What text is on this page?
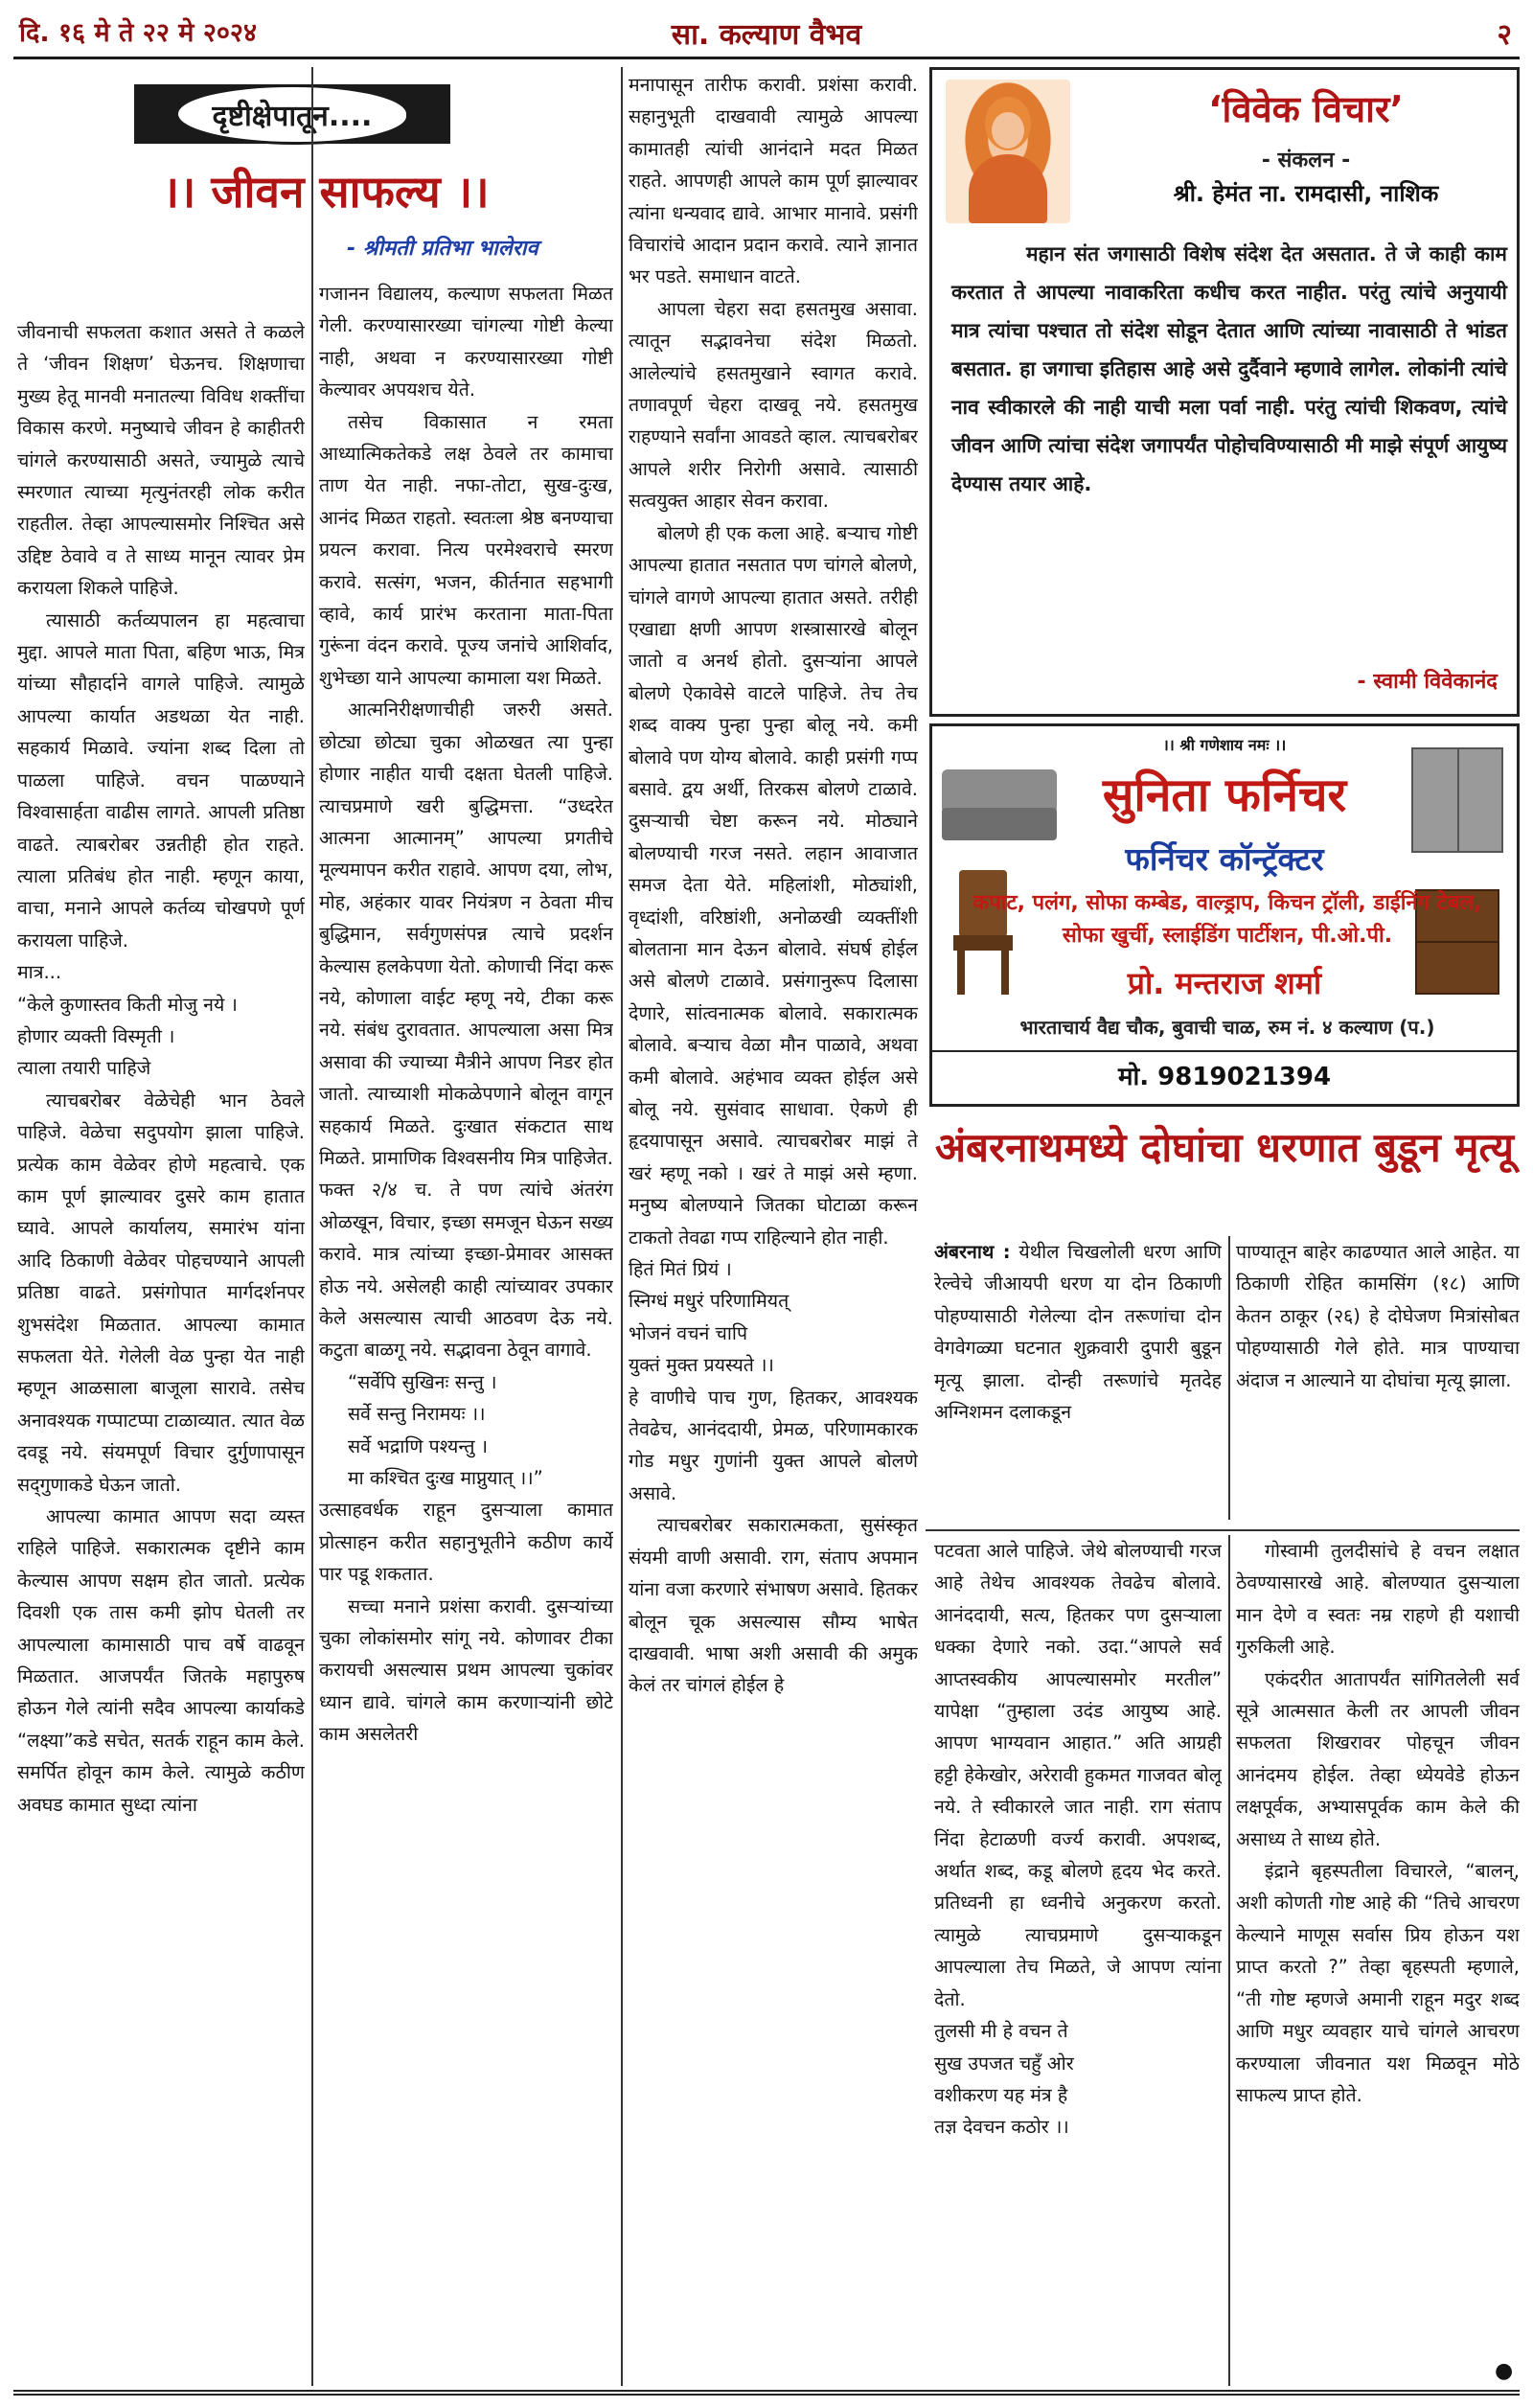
दि. १६ मे ते २२ मे २०२४	सा. कल्याण वैभव	२
दृष्टीक्षेपातून....
।। जीवन साफल्य ।।
- श्रीमती प्रतिभा भालेराव

जीवनाची सफलता कशात असते ते कळले ते ‘जीवन शिक्षण’ घेऊनच. शिक्षणाचा मुख्य हेतू मानवी मनातल्या विविध शक्तींचा विकास करणे. मनुष्याचे जीवन हे काहीतरी चांगले करण्यासाठी असते, ज्यामुळे त्याचे स्मरणात त्याच्या मृत्युनंतरही लोक करीत राहतील. तेव्हा आपल्यासमोर निश्चित असे उद्दिष्ट ठेवावे व ते साध्य मानून त्यावर प्रेम करायला शिकले पाहिजे.

त्यासाठी कर्तव्यपालन हा महत्वाचा मुद्दा. आपले माता पिता, बहिण भाऊ, मित्र यांच्या सौहार्दाने वागले पाहिजे. त्यामुळे आपल्या कार्यात अडथळा येत नाही. सहकार्य मिळावे. ज्यांना शब्द दिला तो पाळला पाहिजे. वचन पाळण्याने विश्वासार्हता वाढीस लागते. आपली प्रतिष्ठा वाढते. त्याबरोबर उन्नतीही होत राहते. त्याला प्रतिबंध होत नाही. म्हणून काया, वाचा, मनाने आपले कर्तव्य चोखपणे पूर्ण करायला पाहिजे.

मात्र...

“केले कुणास्तव किती मोजु नये ।

होणार व्यक्ती विस्मृती ।

त्याला तयारी पाहिजे

त्याचबरोबर वेळेचेही भान ठेवले पाहिजे. वेळेचा सदुपयोग झाला पाहिजे. प्रत्येक काम वेळेवर होणे महत्वाचे. एक काम पूर्ण झाल्यावर दुसरे काम हातात घ्यावे. आपले कार्यालय, समारंभ यांना आदि ठिकाणी वेळेवर पोहचण्याने आपली प्रतिष्ठा वाढते. प्रसंगोपात मार्गदर्शनपर शुभसंदेश मिळतात. आपल्या कामात सफलता येते. गेलेली वेळ पुन्हा येत नाही म्हणून आळसाला बाजूला सारावे. तसेच अनावश्यक गप्पाटप्पा टाळाव्यात. त्यात वेळ दवडू नये. संयमपूर्ण विचार दुर्गुणापासून सद्‍गुणाकडे घेऊन जातो.

आपल्या कामात आपण सदा व्यस्त राहिले पाहिजे. सकारात्मक दृष्टीने काम केल्यास आपण सक्षम होत जातो. प्रत्येक दिवशी एक तास कमी झोप घेतली तर आपल्याला कामासाठी पाच वर्षे वाढवून मिळतात. आजपर्यंत जितके महापुरुष होऊन गेले त्यांनी सदैव आपल्या कार्याकडे “लक्ष्या”कडे सचेत, सतर्क राहून काम केले. समर्पित होवून काम केले. त्यामुळे कठीण अवघड कामात सुध्दा त्यांना

गजानन विद्यालय, कल्याण सफलता मिळत गेली. करण्यासारख्या चांगल्या गोष्टी केल्या नाही, अथवा न करण्यासारख्या गोष्टी केल्यावर अपयशच येते.

तसेच विकासात न रमता आध्यात्मिकतेकडे लक्ष ठेवले तर कामाचा ताण येत नाही. नफा-तोटा, सुख-दुःख, आनंद मिळत राहतो. स्वतःला श्रेष्ठ बनण्याचा प्रयत्न करावा. नित्य परमेश्वराचे स्मरण करावे. सत्संग, भजन, कीर्तनात सहभागी व्हावे, कार्य प्रारंभ करताना माता-पिता गुरूंना वंदन करावे. पूज्य जनांचे आशिर्वाद, शुभेच्छा याने आपल्या कामाला यश मिळते.

आत्मनिरीक्षणाचीही जरुरी असते. छोट्या छोट्या चुका ओळखत त्या पुन्हा होणार नाहीत याची दक्षता घेतली पाहिजे. त्याचप्रमाणे खरी बुद्धिमत्ता. “उध्दरेत आत्मना आत्मानम्” आपल्या प्रगतीचे मूल्यमापन करीत राहावे. आपण दया, लोभ, मोह, अहंकार यावर नियंत्रण न ठेवता मीच बुद्धिमान, सर्वगुणसंपन्न त्याचे प्रदर्शन केल्यास हलकेपणा येतो. कोणाची निंदा करू नये, कोणाला वाईट म्हणू नये, टीका करू नये. संबंध दुरावतात. आपल्याला असा मित्र असावा की ज्याच्या मैत्रीने आपण निडर होत जातो. त्याच्याशी मोकळेपणाने बोलून वागून सहकार्य मिळते. दुःखात संकटात साथ मिळते. प्रामाणिक विश्वसनीय मित्र पाहिजेत. फक्त २/४ च. ते पण त्यांचे अंतरंग ओळखून, विचार, इच्छा समजून घेऊन सख्य करावे. मात्र त्यांच्या इच्छा-प्रेमावर आसक्त होऊ नये. असेलही काही त्यांच्यावर उपकार केले असल्यास त्याची आठवण देऊ नये. कटुता बाळगू नये. सद्भावना ठेवून वागावे.

“सर्वेपि सुखिनः सन्तु ।

सर्वे सन्तु निरामयः ।।

सर्वे भद्राणि पश्यन्तु ।

मा कश्चित दुःख माप्नुयात् ।।”

उत्साहवर्धक राहून दुसऱ्याला कामात प्रोत्साहन करीत सहानुभूतीने कठीण कार्ये पार पडू शकतात.

सच्चा मनाने प्रशंसा करावी. दुसऱ्यांच्या चुका लोकांसमोर सांगू नये. कोणावर टीका करायची असल्यास प्रथम आपल्या चुकांवर ध्यान द्यावे. चांगले काम करणाऱ्यांनी छोटे काम असलेतरी

मनापासून तारीफ करावी. प्रशंसा करावी. सहानुभूती दाखवावी त्यामुळे आपल्या कामातही त्यांची आनंदाने मदत मिळत राहते. आपणही आपले काम पूर्ण झाल्यावर त्यांना धन्यवाद द्यावे. आभार मानावे. प्रसंगी विचारांचे आदान प्रदान करावे. त्याने ज्ञानात भर पडते. समाधान वाटते.

आपला चेहरा सदा हसतमुख असावा. त्यातून सद्भावनेचा संदेश मिळतो. आलेल्यांचे हसतमुखाने स्वागत करावे. तणावपूर्ण चेहरा दाखवू नये. हसतमुख राहण्याने सर्वांना आवडते व्हाल. त्याचबरोबर आपले शरीर निरोगी असावे. त्यासाठी सत्वयुक्त आहार सेवन करावा.

बोलणे ही एक कला आहे. बऱ्याच गोष्टी आपल्या हातात नसतात पण चांगले बोलणे, चांगले वागणे आपल्या हातात असते. तरीही एखाद्या क्षणी आपण शस्त्रासारखे बोलून जातो व अनर्थ होतो. दुसऱ्यांना आपले बोलणे ऐकावेसे वाटले पाहिजे. तेच तेच शब्द वाक्य पुन्हा पुन्हा बोलू नये. कमी बोलावे पण योग्य बोलावे. काही प्रसंगी गप्प बसावे. द्वय अर्थी, तिरकस बोलणे टाळावे. दुसऱ्याची चेष्टा करून नये. मोठ्याने बोलण्याची गरज नसते. लहान आवाजात समज देता येते. महिलांशी, मोठ्यांशी, वृध्दांशी, वरिष्ठांशी, अनोळखी व्यक्तींशी बोलताना मान देऊन बोलावे. संघर्ष होईल असे बोलणे टाळावे. प्रसंगानुरूप दिलासा देणारे, सांत्वनात्मक बोलावे. सकारात्मक बोलावे. बऱ्याच वेळा मौन पाळावे, अथवा कमी बोलावे. अहंभाव व्यक्त होईल असे बोलू नये. सुसंवाद साधावा. ऐकणे ही हृदयापासून असावे. त्याचबरोबर माझं ते खरं म्हणू नको । खरं ते माझं असे म्हणा. मनुष्य बोलण्याने जितका घोटाळा करून टाकतो तेवढा गप्प राहिल्याने होत नाही.

हितं मितं प्रियं ।

स्निग्धं मधुरं परिणामियत्

भोजनं वचनं चापि

युक्तं मुक्त प्रयस्यते ।।

हे वाणीचे पाच गुण, हितकर, आवश्यक तेवढेच, आनंददायी, प्रेमळ, परिणामकारक गोड मधुर गुणांनी युक्त आपले बोलणे असावे.

त्याचबरोबर सकारात्मकता, सुसंस्कृत संयमी वाणी असावी. राग, संताप अपमान यांना वजा करणारे संभाषण असावे. हितकर बोलून चूक असल्यास सौम्य भाषेत दाखवावी. भाषा अशी असावी की अमुक केलं तर चांगलं होईल हे

‘विवेक विचार’
- संकलन -
श्री. हेमंत ना. रामदासी, नाशिक

महान संत जगासाठी विशेष संदेश देत असतात. ते जे काही काम करतात ते आपल्या नावाकरिता कधीच करत नाहीत. परंतु त्यांचे अनुयायी मात्र त्यांचा पश्चात तो संदेश सोडून देतात आणि त्यांच्या नावासाठी ते भांडत बसतात. हा जगाचा इतिहास आहे असे दुर्दैवाने म्हणावे लागेल. लोकांनी त्यांचे नाव स्वीकारले की नाही याची मला पर्वा नाही. परंतु त्यांची शिकवण, त्यांचे जीवन आणि त्यांचा संदेश जगापर्यंत पोहोचविण्यासाठी मी माझे संपूर्ण आयुष्य देण्यास तयार आहे.

- स्वामी विवेकानंद
।। श्री गणेशाय नमः ।।
सुनिता फर्निचर
फर्निचर कॉन्ट्रॅक्टर
कपाट, पलंग, सोफा कम्बेड, वाल्ड्राप, किचन ट्रॉली, डाईनिंग टेबल, सोफा खुर्ची, स्लाईडिंग पार्टीशन, पी.ओ.पी.
प्रो. मन्तराज शर्मा
भारताचार्य वैद्य चौक, बुवाची चाळ, रुम नं. ४ कल्याण (प.)
मो. 9819021394
अंबरनाथमध्ये दोघांचा धरणात बुडून मृत्यू

अंबरनाथ : येथील चिखलोली धरण आणि रेल्वेचे जीआयपी धरण या दोन ठिकाणी पोहण्यासाठी गेलेल्या दोन तरूणांचा दोन वेगवेगळ्या घटनात शुक्रवारी दुपारी बुडून मृत्यू झाला. दोन्ही तरूणांचे मृतदेह अग्निशमन दलाकडून

पाण्यातून बाहेर काढण्यात आले आहेत. या ठिकाणी रोहित कामसिंग (१८) आणि केतन ठाकूर (२६) हे दोघेजण मित्रांसोबत पोहण्यासाठी गेले होते. मात्र पाण्याचा अंदाज न आल्याने या दोघांचा मृत्यू झाला.

पटवता आले पाहिजे. जेथे बोलण्याची गरज आहे तेथेच आवश्यक तेवढेच बोलावे. आनंददायी, सत्य, हितकर पण दुसऱ्याला धक्का देणारे नको. उदा.“आपले सर्व आप्तस्वकीय आपल्यासमोर मरतील” यापेक्षा “तुम्हाला उदंड आयुष्य आहे. आपण भाग्यवान आहात.” अति आग्रही हट्टी हेकेखोर, अरेरावी हुकमत गाजवत बोलू नये. ते स्वीकारले जात नाही. राग संताप निंदा हेटाळणी वर्ज्य करावी. अपशब्द, अर्थात शब्द, कडू बोलणे हृदय भेद करते. प्रतिध्वनी हा ध्वनीचे अनुकरण करतो. त्यामुळे त्याचप्रमाणे दुसऱ्याकडून आपल्याला तेच मिळते, जे आपण त्यांना देतो.

तुलसी मी हे वचन ते

सुख उपजत चहुँ ओर

वशीकरण यह मंत्र है

तज्ञ देवचन कठोर ।।

गोस्वामी तुलदीसांचे हे वचन लक्षात ठेवण्यासारखे आहे. बोलण्यात दुसऱ्याला मान देणे व स्वतः नम्र राहणे ही यशाची गुरुकिली आहे.

एकंदरीत आतापर्यंत सांगितलेली सर्व सूत्रे आत्मसात केली तर आपली जीवन सफलता शिखरावर पोहचून जीवन आनंदमय होईल. तेव्हा ध्येयवेडे होऊन लक्षपूर्वक, अभ्यासपूर्वक काम केले की असाध्य ते साध्य होते.

इंद्राने बृहस्पतीला विचारले, “बालन्, अशी कोणती गोष्ट आहे की “तिचे आचरण केल्याने माणूस सर्वास प्रिय होऊन यश प्राप्त करतो ?” तेव्हा बृहस्पती म्हणाले, “ती गोष्ट म्हणजे अमानी राहून मदुर शब्द आणि मधुर व्यवहार याचे चांगले आचरण करण्याला जीवनात यश मिळवून मोठे साफल्य प्राप्त होते.

●
